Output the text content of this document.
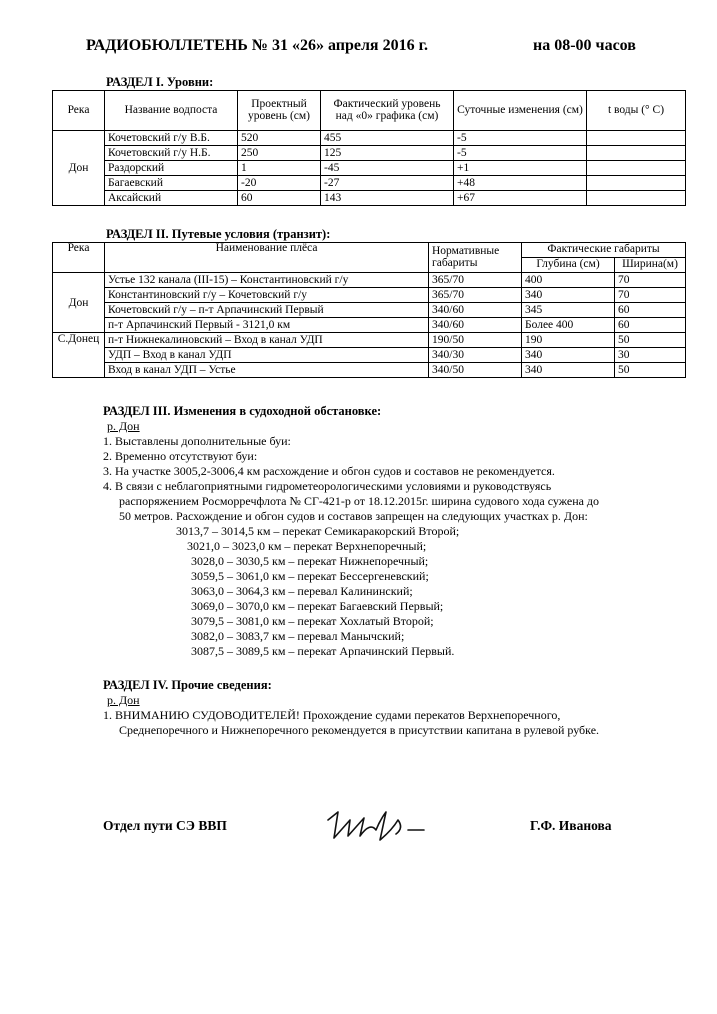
РАДИОБЮЛЛЕТЕНЬ № 31 «26» апреля 2016 г.	на 08-00 часов
РАЗДЕЛ I. Уровни:
Река	Название водпоста	Проектный уровень (см)	Фактический уровень над «0» графика (см)	Суточные изменения (см)	t воды (° С)
Дон	Кочетовский г/у В.Б.	520	455	-5	
	Кочетовский г/у Н.Б.	250	125	-5	
	Раздорский	1	-45	+1	
	Багаевский	-20	-27	+48	
	Аксайский	60	143	+67	
РАЗДЕЛ II. Путевые условия (транзит):
Река	Наименование плёса	Нормативные габариты	Фактические габариты	
			Глубина (см)	Ширина(м)
Дон	Устье 132 канала (III-15) – Константиновский г/у	365/70	400	70
	Константиновский г/у – Кочетовский г/у	365/70	340	70
	Кочетовский г/у – п-т Арпачинский Первый	340/60	345	60
	п-т Арпачинский Первый - 3121,0 км	340/60	Более 400	60
С.Донец	п-т Нижнекалиновский – Вход в канал УДП	190/50	190	50
	УДП – Вход в канал УДП	340/30	340	30
	Вход в канал УДП – Устье	340/50	340	50
РАЗДЕЛ III. Изменения в судоходной обстановке:
р. Дон
1. Выставлены дополнительные буи:
2. Временно отсутствуют буи:
3. На участке 3005,2-3006,4 км расхождение и обгон судов и составов не рекомендуется.
4. В связи с неблагоприятными гидрометеорологическими условиями и руководствуясь
распоряжением Росморречфлота № СГ-421-р от 18.12.2015г. ширина судового хода сужена до
50 метров. Расхождение и обгон судов и составов запрещен на следующих участках р. Дон:
3013,7 – 3014,5 км – перекат Семикаракорский Второй;
3021,0 – 3023,0 км – перекат Верхнепоречный;
3028,0 – 3030,5 км – перекат Нижнепоречный;
3059,5 – 3061,0 км – перекат Бессергеневский;
3063,0 – 3064,3 км – перевал Калининский;
3069,0 – 3070,0 км – перекат Багаевский Первый;
3079,5 – 3081,0 км – перекат Хохлатый Второй;
3082,0 – 3083,7 км – перевал Манычский;
3087,5 – 3089,5 км – перекат Арпачинский Первый.
РАЗДЕЛ IV. Прочие сведения:
р. Дон
1. ВНИМАНИЮ СУДОВОДИТЕЛЕЙ! Прохождение судами перекатов Верхнепоречного,
Среднепоречного и Нижнепоречного рекомендуется в присутствии капитана в рулевой рубке.
Отдел пути СЭ ВВП	Г.Ф. Иванова
